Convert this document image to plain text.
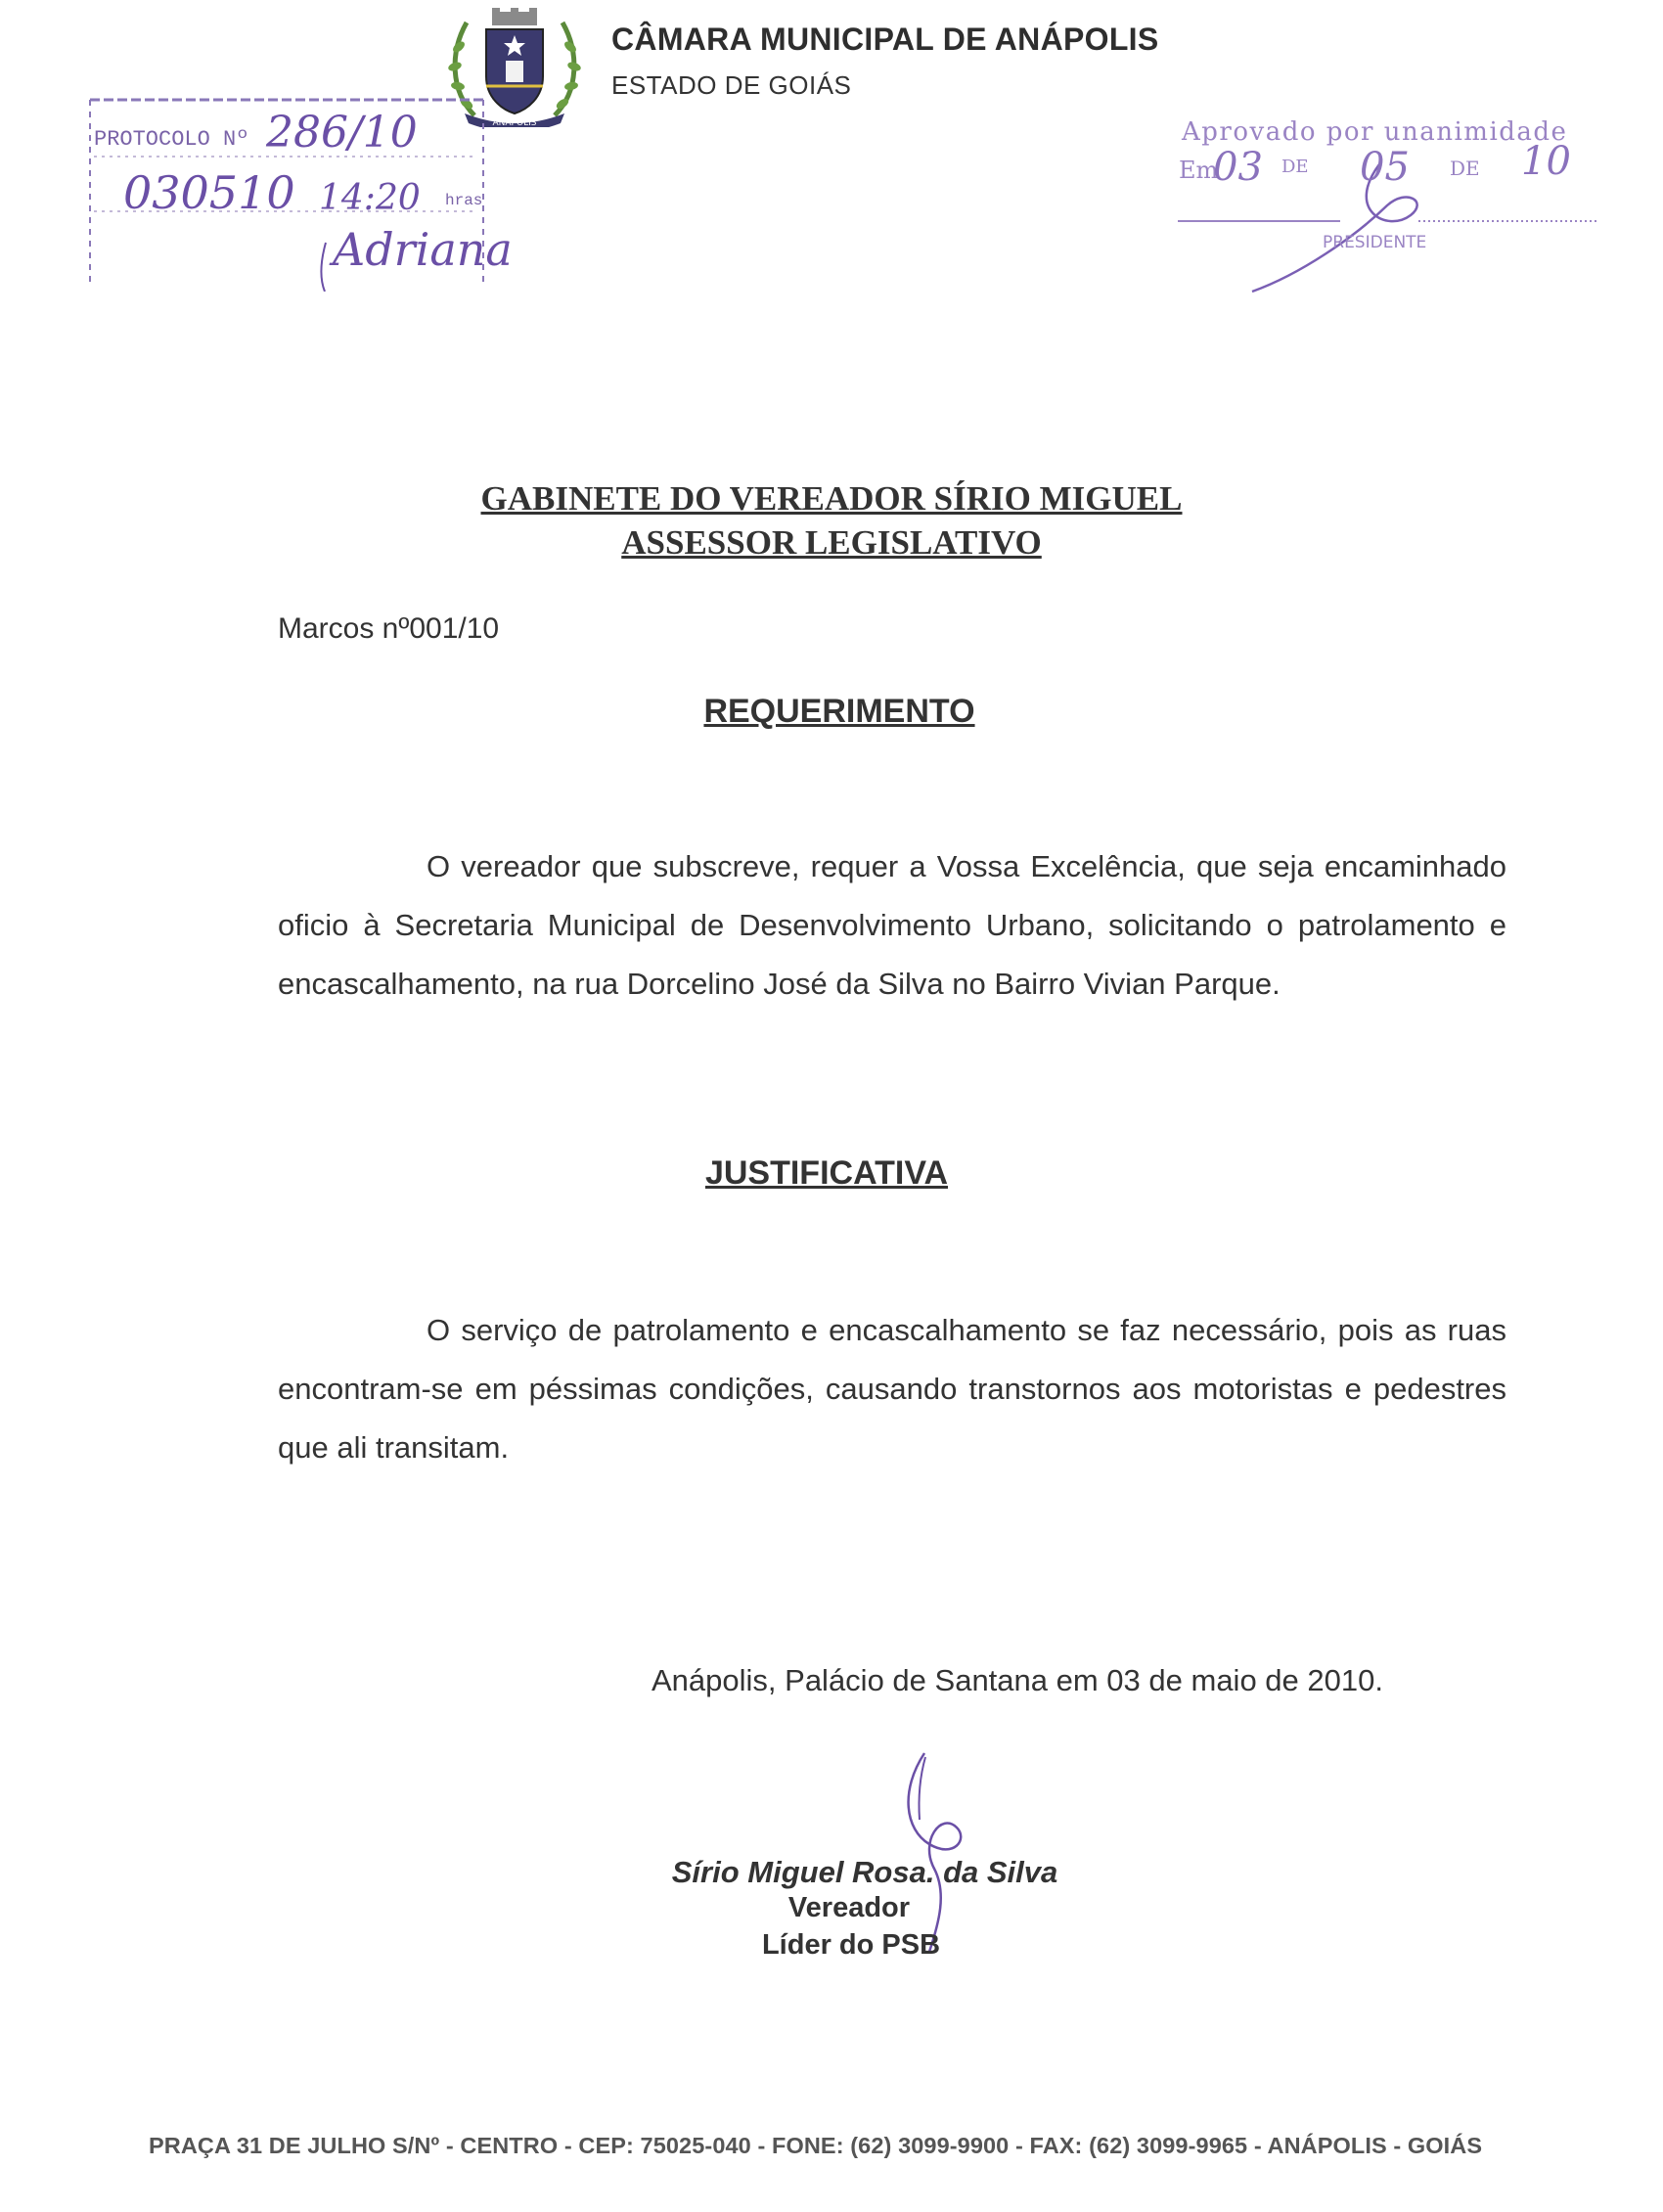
ANÁPOLIS
CÂMARA MUNICIPAL DE ANÁPOLIS
ESTADO DE GOIÁS
PROTOCOLO Nº 286/10
030510 14:20 hras
Adriana
Aprovado por unanimidade
Em
03 DE 05 DE 10
PRESIDENTE
GABINETE DO VEREADOR SÍRIO MIGUEL
ASSESSOR LEGISLATIVO
Marcos nº001/10
REQUERIMENTO

O vereador que subscreve, requer a Vossa Excelência, que seja encaminhado oficio à Secretaria Municipal de Desenvolvimento Urbano, solicitando o patrolamento e encascalhamento, na rua Dorcelino José da Silva no Bairro Vivian Parque.

JUSTIFICATIVA

O serviço de patrolamento e encascalhamento se faz necessário, pois as ruas encontram-se em péssimas condições, causando transtornos aos motoristas e pedestres que ali transitam.

Anápolis, Palácio de Santana em 03 de maio de 2010.
Sírio Miguel Rosa. da Silva
Vereador
Líder do PSB
PRAÇA 31 DE JULHO S/Nº - CENTRO - CEP: 75025-040 - FONE: (62) 3099-9900 - FAX: (62) 3099-9965 - ANÁPOLIS - GOIÁS
